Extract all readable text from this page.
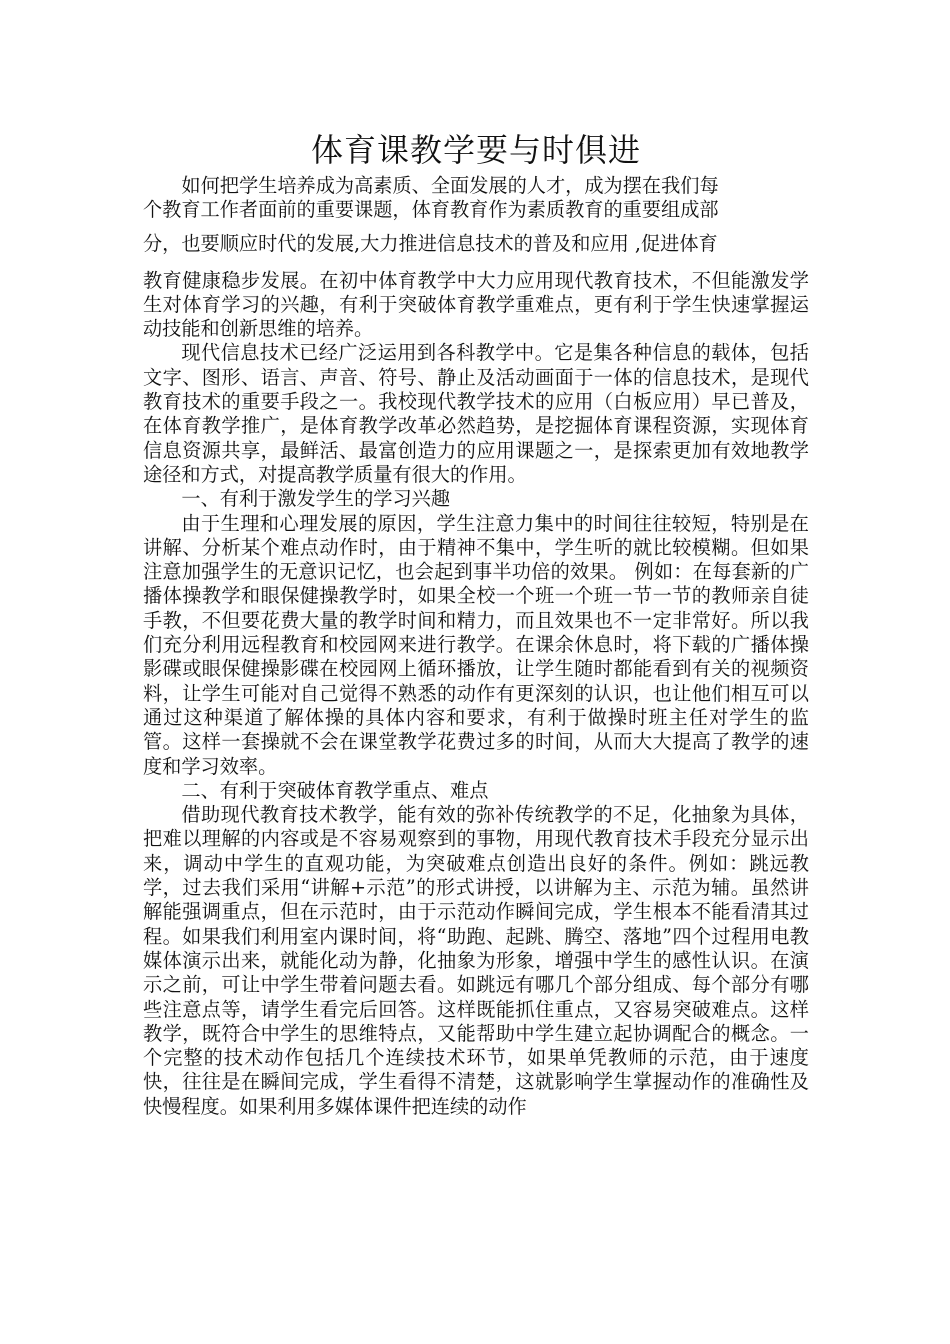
体育课教学要与时俱进

如何把学生培养成为高素质、全面发展的人才，成为摆在我们每
个教育工作者面前的重要课题，体育教育作为素质教育的重要组成部
分，也要顺应时代的发展,大力推进信息技术的普及和应用 ,促进体育
教育健康稳步发展。在初中体育教学中大力应用现代教育技术，不但能激发学生对体育学习的兴趣，有利于突破体育教学重难点，更有利于学生快速掌握运动技能和创新思维的培养。

现代信息技术已经广泛运用到各科教学中。它是集各种信息的载体，包括文字、图形、语言、声音、符号、静止及活动画面于一体的信息技术，是现代教育技术的重要手段之一。我校现代教学技术的应用（白板应用）早已普及，在体育教学推广，是体育教学改革必然趋势，是挖掘体育课程资源，实现体育信息资源共享，最鲜活、最富创造力的应用课题之一，是探索更加有效地教学途径和方式，对提高教学质量有很大的作用。

一、有利于激发学生的学习兴趣

由于生理和心理发展的原因，学生注意力集中的时间往往较短，特别是在讲解、分析某个难点动作时，由于精神不集中，学生听的就比较模糊。但如果注意加强学生的无意识记忆，也会起到事半功倍的效果。 例如：在每套新的广播体操教学和眼保健操教学时，如果全校一个班一个班一节一节的教师亲自徒手教，不但要花费大量的教学时间和精力，而且效果也不一定非常好。所以我们充分利用远程教育和校园网来进行教学。在课余休息时，将下载的广播体操影碟或眼保健操影碟在校园网上循环播放，让学生随时都能看到有关的视频资料，让学生可能对自己觉得不熟悉的动作有更深刻的认识，也让他们相互可以通过这种渠道了解体操的具体内容和要求，有利于做操时班主任对学生的监管。这样一套操就不会在课堂教学花费过多的时间，从而大大提高了教学的速度和学习效率。

二、有利于突破体育教学重点、难点

借助现代教育技术教学，能有效的弥补传统教学的不足，化抽象为具体，把难以理解的内容或是不容易观察到的事物，用现代教育技术手段充分显示出来，调动中学生的直观功能，为突破难点创造出良好的条件。例如：跳远教学，过去我们采用“讲解+示范”的形式讲授，以讲解为主、示范为辅。虽然讲解能强调重点，但在示范时，由于示范动作瞬间完成，学生根本不能看清其过程。如果我们利用室内课时间，将“助跑、起跳、腾空、落地”四个过程用电教媒体演示出来，就能化动为静，化抽象为形象，增强中学生的感性认识。在演示之前，可让中学生带着问题去看。如跳远有哪几个部分组成、每个部分有哪些注意点等，请学生看完后回答。这样既能抓住重点，又容易突破难点。这样教学，既符合中学生的思维特点，又能帮助中学生建立起协调配合的概念。一个完整的技术动作包括几个连续技术环节，如果单凭教师的示范，由于速度快，往往是在瞬间完成，学生看得不清楚，这就影响学生掌握动作的准确性及快慢程度。如果利用多媒体课件把连续的动作
